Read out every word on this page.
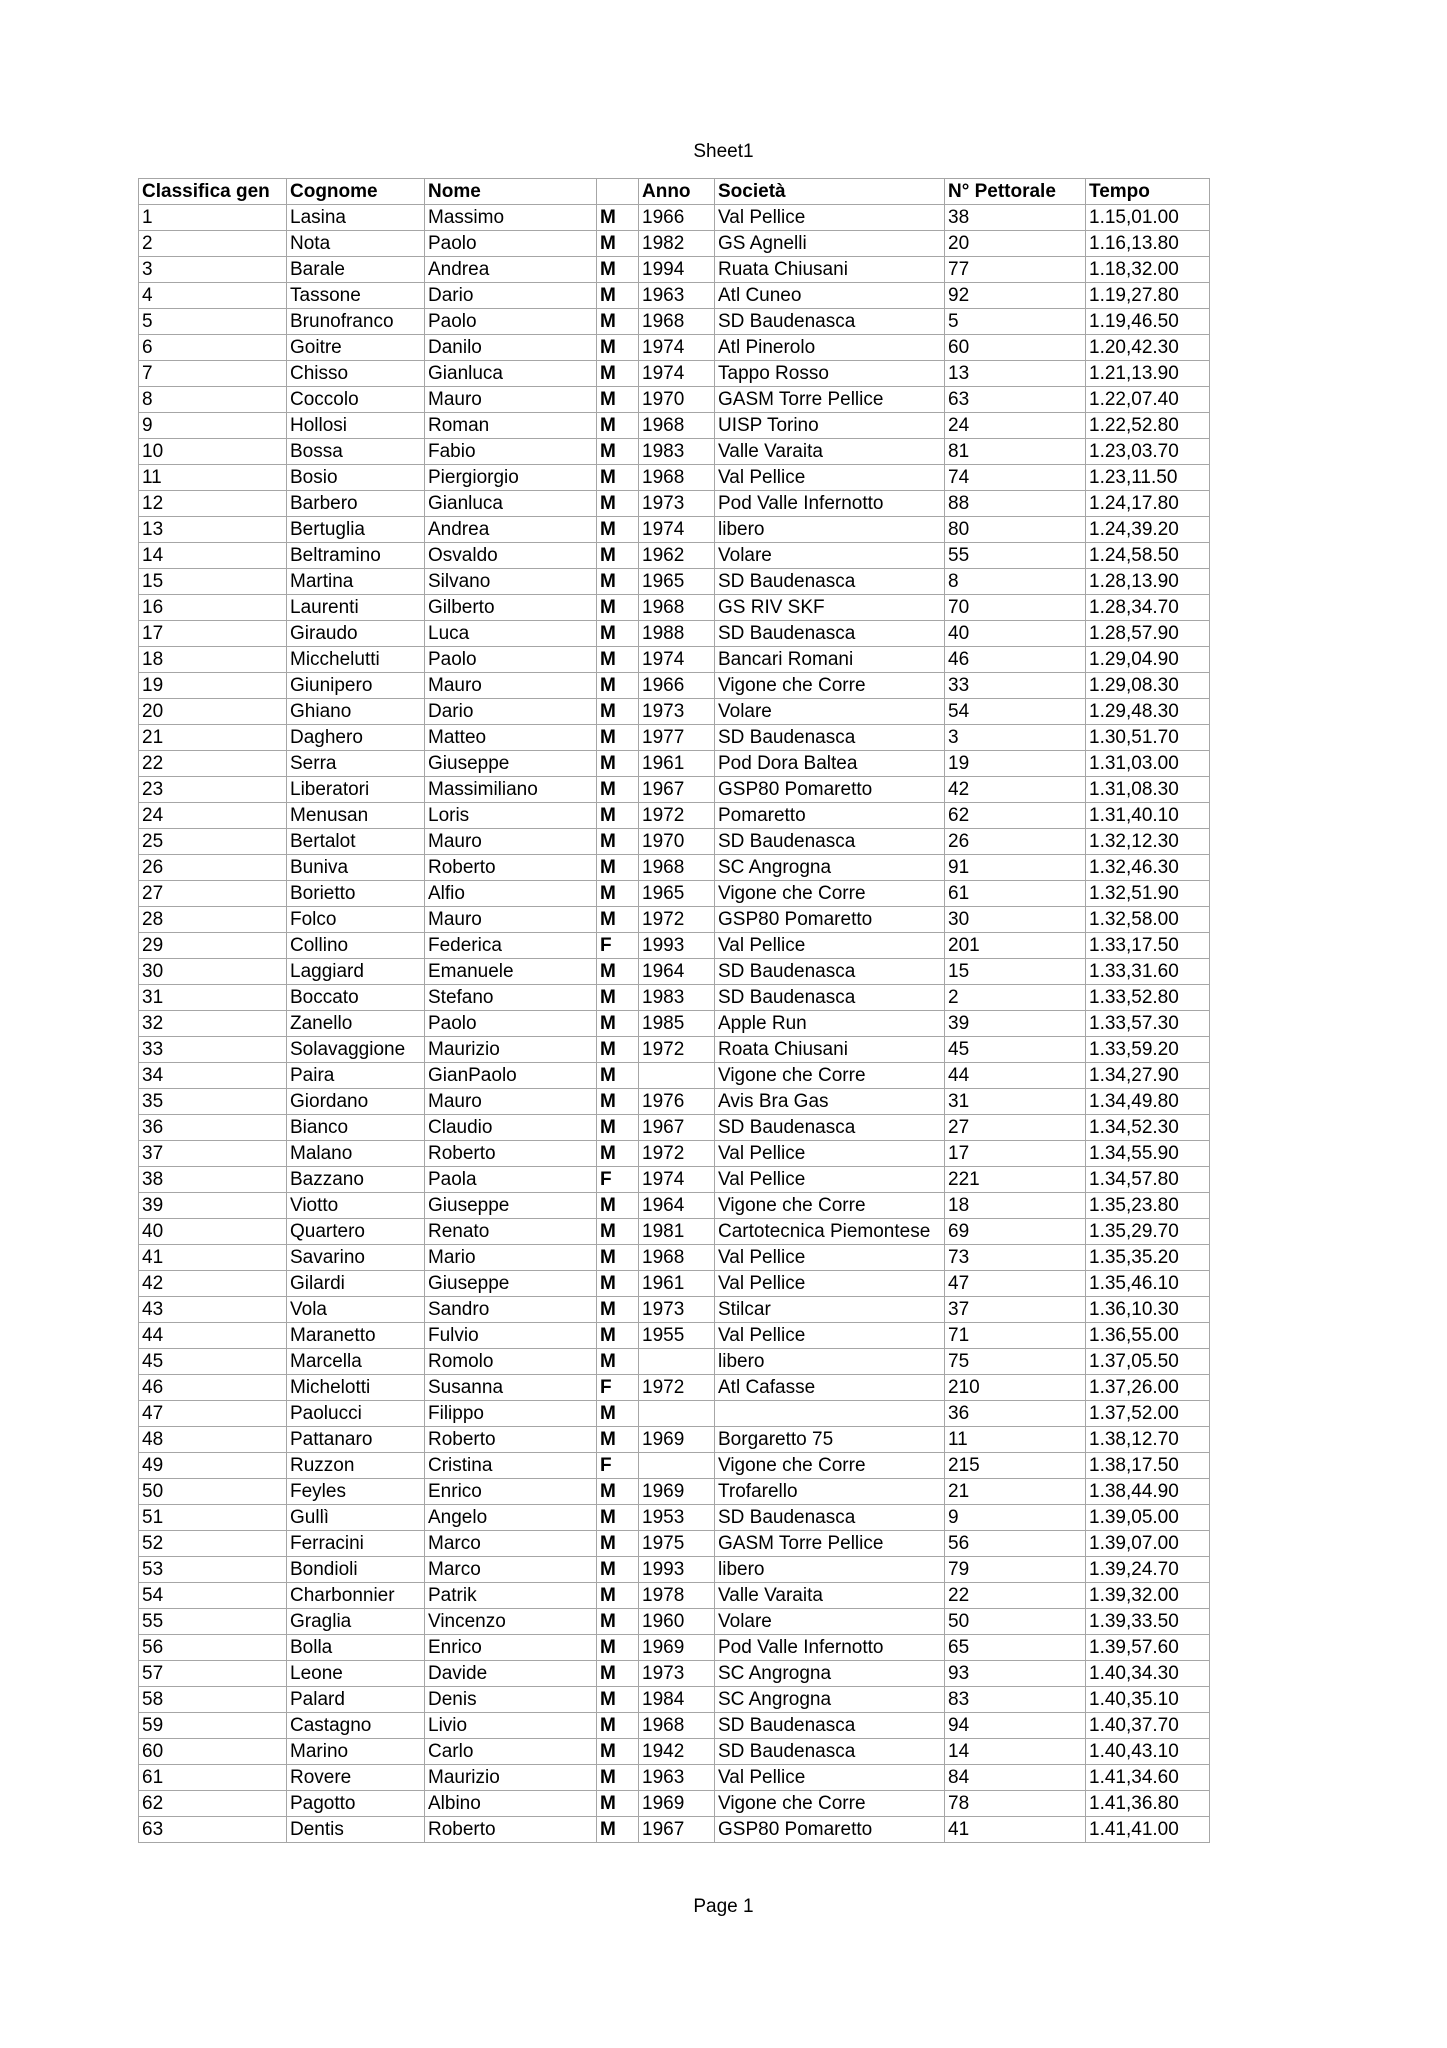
Sheet1
Classifica gen	Cognome	Nome		Anno	Società	N° Pettorale	Tempo
1	Lasina	Massimo	M	1966	Val Pellice	38	1.15,01.00
2	Nota	Paolo	M	1982	GS Agnelli	20	1.16,13.80
3	Barale	Andrea	M	1994	Ruata Chiusani	77	1.18,32.00
4	Tassone	Dario	M	1963	Atl Cuneo	92	1.19,27.80
5	Brunofranco	Paolo	M	1968	SD Baudenasca	5	1.19,46.50
6	Goitre	Danilo	M	1974	Atl Pinerolo	60	1.20,42.30
7	Chisso	Gianluca	M	1974	Tappo Rosso	13	1.21,13.90
8	Coccolo	Mauro	M	1970	GASM Torre Pellice	63	1.22,07.40
9	Hollosi	Roman	M	1968	UISP Torino	24	1.22,52.80
10	Bossa	Fabio	M	1983	Valle Varaita	81	1.23,03.70
11	Bosio	Piergiorgio	M	1968	Val Pellice	74	1.23,11.50
12	Barbero	Gianluca	M	1973	Pod Valle Infernotto	88	1.24,17.80
13	Bertuglia	Andrea	M	1974	libero	80	1.24,39.20
14	Beltramino	Osvaldo	M	1962	Volare	55	1.24,58.50
15	Martina	Silvano	M	1965	SD Baudenasca	8	1.28,13.90
16	Laurenti	Gilberto	M	1968	GS RIV SKF	70	1.28,34.70
17	Giraudo	Luca	M	1988	SD Baudenasca	40	1.28,57.90
18	Micchelutti	Paolo	M	1974	Bancari Romani	46	1.29,04.90
19	Giunipero	Mauro	M	1966	Vigone che Corre	33	1.29,08.30
20	Ghiano	Dario	M	1973	Volare	54	1.29,48.30
21	Daghero	Matteo	M	1977	SD Baudenasca	3	1.30,51.70
22	Serra	Giuseppe	M	1961	Pod Dora Baltea	19	1.31,03.00
23	Liberatori	Massimiliano	M	1967	GSP80 Pomaretto	42	1.31,08.30
24	Menusan	Loris	M	1972	Pomaretto	62	1.31,40.10
25	Bertalot	Mauro	M	1970	SD Baudenasca	26	1.32,12.30
26	Buniva	Roberto	M	1968	SC Angrogna	91	1.32,46.30
27	Borietto	Alfio	M	1965	Vigone che Corre	61	1.32,51.90
28	Folco	Mauro	M	1972	GSP80 Pomaretto	30	1.32,58.00
29	Collino	Federica	F	1993	Val Pellice	201	1.33,17.50
30	Laggiard	Emanuele	M	1964	SD Baudenasca	15	1.33,31.60
31	Boccato	Stefano	M	1983	SD Baudenasca	2	1.33,52.80
32	Zanello	Paolo	M	1985	Apple Run	39	1.33,57.30
33	Solavaggione	Maurizio	M	1972	Roata Chiusani	45	1.33,59.20
34	Paira	GianPaolo	M		Vigone che Corre	44	1.34,27.90
35	Giordano	Mauro	M	1976	Avis Bra Gas	31	1.34,49.80
36	Bianco	Claudio	M	1967	SD Baudenasca	27	1.34,52.30
37	Malano	Roberto	M	1972	Val Pellice	17	1.34,55.90
38	Bazzano	Paola	F	1974	Val Pellice	221	1.34,57.80
39	Viotto	Giuseppe	M	1964	Vigone che Corre	18	1.35,23.80
40	Quartero	Renato	M	1981	Cartotecnica Piemontese	69	1.35,29.70
41	Savarino	Mario	M	1968	Val Pellice	73	1.35,35.20
42	Gilardi	Giuseppe	M	1961	Val Pellice	47	1.35,46.10
43	Vola	Sandro	M	1973	Stilcar	37	1.36,10.30
44	Maranetto	Fulvio	M	1955	Val Pellice	71	1.36,55.00
45	Marcella	Romolo	M		libero	75	1.37,05.50
46	Michelotti	Susanna	F	1972	Atl Cafasse	210	1.37,26.00
47	Paolucci	Filippo	M			36	1.37,52.00
48	Pattanaro	Roberto	M	1969	Borgaretto 75	11	1.38,12.70
49	Ruzzon	Cristina	F		Vigone che Corre	215	1.38,17.50
50	Feyles	Enrico	M	1969	Trofarello	21	1.38,44.90
51	Gullì	Angelo	M	1953	SD Baudenasca	9	1.39,05.00
52	Ferracini	Marco	M	1975	GASM Torre Pellice	56	1.39,07.00
53	Bondioli	Marco	M	1993	libero	79	1.39,24.70
54	Charbonnier	Patrik	M	1978	Valle Varaita	22	1.39,32.00
55	Graglia	Vincenzo	M	1960	Volare	50	1.39,33.50
56	Bolla	Enrico	M	1969	Pod Valle Infernotto	65	1.39,57.60
57	Leone	Davide	M	1973	SC Angrogna	93	1.40,34.30
58	Palard	Denis	M	1984	SC Angrogna	83	1.40,35.10
59	Castagno	Livio	M	1968	SD Baudenasca	94	1.40,37.70
60	Marino	Carlo	M	1942	SD Baudenasca	14	1.40,43.10
61	Rovere	Maurizio	M	1963	Val Pellice	84	1.41,34.60
62	Pagotto	Albino	M	1969	Vigone che Corre	78	1.41,36.80
63	Dentis	Roberto	M	1967	GSP80 Pomaretto	41	1.41,41.00
Page 1
